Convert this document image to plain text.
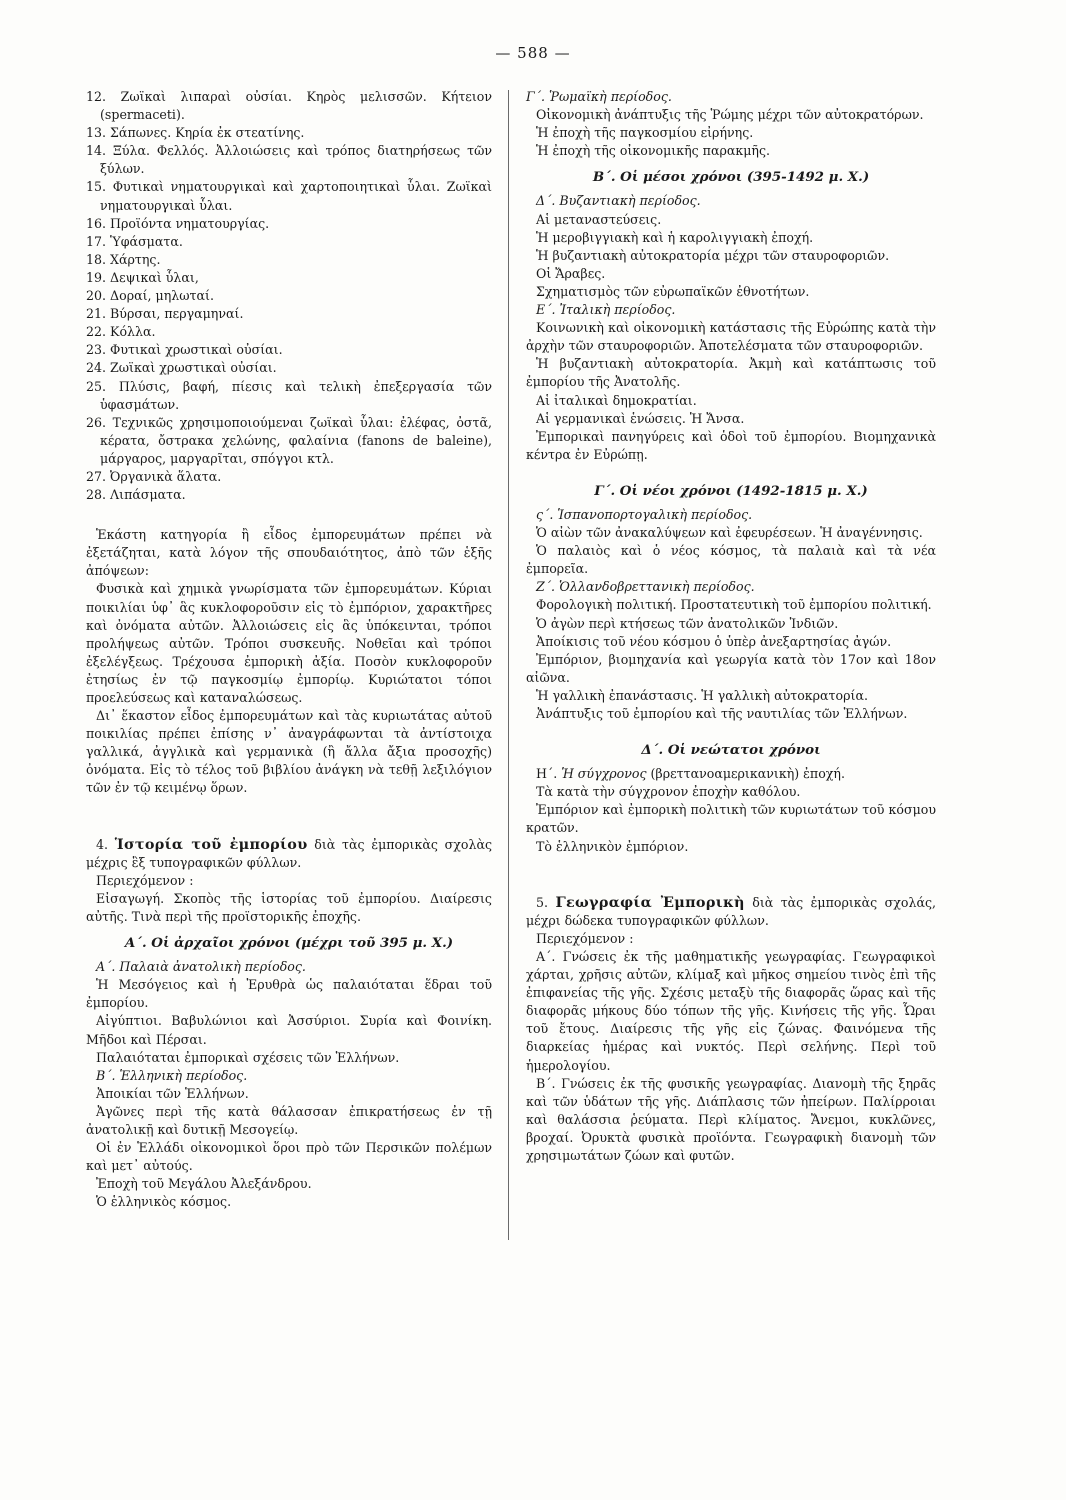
— 588 —

12. Ζωϊκαὶ λιπαραὶ οὐσίαι. Κηρὸς μελισσῶν. Κήτειον (spermaceti).

13. Σάπωνες. Κηρία ἐκ στεατίνης.

14. Ξύλα. Φελλός. Ἀλλοιώσεις καὶ τρόπος διατηρήσεως τῶν ξύλων.

15. Φυτικαὶ νηματουργικαὶ καὶ χαρτοποιητικαὶ ὗλαι. Ζωϊκαὶ νηματουργικαὶ ὗλαι.

16. Προϊόντα νηματουργίας.

17. Ὑφάσματα.

18. Χάρτης.

19. Δεψικαὶ ὗλαι,

20. Δοραί, μηλωταί.

21. Βύρσαι, περγαμηναί.

22. Κόλλα.

23. Φυτικαὶ χρωστικαὶ οὐσίαι.

24. Ζωϊκαὶ χρωστικαὶ οὐσίαι.

25. Πλύσις, βαφή, πίεσις καὶ τελικὴ ἐπεξεργασία τῶν ὑφασμάτων.

26. Τεχνικῶς χρησιμοποιούμεναι ζωϊκαὶ ὗλαι: ἐλέφας, ὀστᾶ, κέρατα, ὄστρακα χελώνης, φαλαίνια (fanons de baleine), μάργαρος, μαργαρῖται, σπόγγοι κτλ.

27. Ὀργανικὰ ἅλατα.

28. Λιπάσματα.

Ἑκάστη κατηγορία ἢ εἶδος ἐμπορευμάτων πρέπει νὰ ἐξετάζηται, κατὰ λόγον τῆς σπουδαιότητος, ἀπὸ τῶν ἑξῆς ἀπόψεων:

Φυσικὰ καὶ χημικὰ γνωρίσματα τῶν ἐμπορευμάτων. Κύριαι ποικιλίαι ὑφ᾽ ἃς κυκλοφοροῦσιν εἰς τὸ ἐμπόριον, χαρακτῆρες καὶ ὀνόματα αὐτῶν. Ἀλλοιώσεις εἰς ἃς ὑπόκεινται, τρόποι προλήψεως αὐτῶν. Τρόποι συσκευῆς. Νοθεῖαι καὶ τρόποι ἐξελέγξεως. Τρέχουσα ἐμπορικὴ ἀξία. Ποσὸν κυκλοφοροῦν ἐτησίως ἐν τῷ παγκοσμίῳ ἐμπορίῳ. Κυριώτατοι τόποι προελεύσεως καὶ καταναλώσεως.

Δι᾽ ἕκαστον εἶδος ἐμπορευμάτων καὶ τὰς κυριωτάτας αὐτοῦ ποικιλίας πρέπει ἐπίσης ν᾽ ἀναγράφωνται τὰ ἀντίστοιχα γαλλικά, ἀγγλικὰ καὶ γερμανικὰ (ἢ ἄλλα ἄξια προσοχῆς) ὀνόματα. Εἰς τὸ τέλος τοῦ βιβλίου ἀνάγκη νὰ τεθῇ λεξιλόγιον τῶν ἐν τῷ κειμένῳ ὅρων.

4. Ἱστορία τοῦ ἐμπορίου διὰ τὰς ἐμπορικὰς σχολὰς μέχρις ἓξ τυπογραφικῶν φύλλων.

Περιεχόμενον :

Εἰσαγωγή. Σκοπὸς τῆς ἱστορίας τοῦ ἐμπορίου. Διαίρεσις αὐτῆς. Τινὰ περὶ τῆς προϊστορικῆς ἐποχῆς.

Α΄. Οἱ ἀρχαῖοι χρόνοι (μέχρι τοῦ 395 μ. Χ.)

Α΄. Παλαιὰ ἀνατολικὴ περίοδος.

Ἡ Μεσόγειος καὶ ἡ Ἐρυθρὰ ὡς παλαιόταται ἕδραι τοῦ ἐμπορίου.

Αἰγύπτιοι. Βαβυλώνιοι καὶ Ἀσσύριοι. Συρία καὶ Φοινίκη. Μῆδοι καὶ Πέρσαι.

Παλαιόταται ἐμπορικαὶ σχέσεις τῶν Ἑλλήνων.

Β΄. Ἑλληνικὴ περίοδος.

Ἀποικίαι τῶν Ἑλλήνων.

Ἀγῶνες περὶ τῆς κατὰ θάλασσαν ἐπικρατήσεως ἐν τῇ ἀνατολικῇ καὶ δυτικῇ Μεσογείῳ.

Οἱ ἐν Ἑλλάδι οἰκονομικοὶ ὅροι πρὸ τῶν Περσικῶν πολέμων καὶ μετ᾽ αὐτούς.

Ἐποχὴ τοῦ Μεγάλου Ἀλεξάνδρου.

Ὁ ἑλληνικὸς κόσμος.

Γ΄. Ῥωμαϊκὴ περίοδος.

Οἰκονομικὴ ἀνάπτυξις τῆς Ῥώμης μέχρι τῶν αὐτοκρατόρων.

Ἡ ἐποχὴ τῆς παγκοσμίου εἰρήνης.

Ἡ ἐποχὴ τῆς οἰκονομικῆς παρακμῆς.

Β΄. Οἱ μέσοι χρόνοι (395-1492 μ. Χ.)

Δ΄. Βυζαντιακὴ περίοδος.

Αἱ μεταναστεύσεις.

Ἡ μεροβιγγιακὴ καὶ ἡ καρολιγγιακὴ ἐποχή.

Ἡ βυζαντιακὴ αὐτοκρατορία μέχρι τῶν σταυροφοριῶν.

Οἱ Ἄραβες.

Σχηματισμὸς τῶν εὐρωπαϊκῶν ἐθνοτήτων.

Ε΄. Ἰταλικὴ περίοδος.

Κοινωνικὴ καὶ οἰκονομικὴ κατάστασις τῆς Εὐρώπης κατὰ τὴν ἀρχὴν τῶν σταυροφοριῶν. Ἀποτελέσματα τῶν σταυροφοριῶν.

Ἡ βυζαντιακὴ αὐτοκρατορία. Ἀκμὴ καὶ κατάπτωσις τοῦ ἐμπορίου τῆς Ἀνατολῆς.

Αἱ ἰταλικαὶ δημοκρατίαι.

Αἱ γερμανικαὶ ἑνώσεις. Ἡ Ἄνσα.

Ἐμπορικαὶ πανηγύρεις καὶ ὁδοὶ τοῦ ἐμπορίου. Βιομηχανικὰ κέντρα ἐν Εὐρώπῃ.

Γ΄. Οἱ νέοι χρόνοι (1492-1815 μ. Χ.)

ς΄. Ἱσπανοπορτογαλικὴ περίοδος.

Ὁ αἰὼν τῶν ἀνακαλύψεων καὶ ἐφευρέσεων. Ἡ ἀναγέννησις.

Ὁ παλαιὸς καὶ ὁ νέος κόσμος, τὰ παλαιὰ καὶ τὰ νέα ἐμπορεῖα.

Ζ΄. Ὁλλανδοβρεττανικὴ περίοδος.

Φορολογικὴ πολιτική. Προστατευτικὴ τοῦ ἐμπορίου πολιτική.

Ὁ ἀγὼν περὶ κτήσεως τῶν ἀνατολικῶν Ἰνδιῶν.

Ἀποίκισις τοῦ νέου κόσμου ὁ ὑπὲρ ἀνεξαρτησίας ἀγών.

Ἐμπόριον, βιομηχανία καὶ γεωργία κατὰ τὸν 17ον καὶ 18ον αἰῶνα.

Ἡ γαλλικὴ ἐπανάστασις. Ἡ γαλλικὴ αὐτοκρατορία.

Ἀνάπτυξις τοῦ ἐμπορίου καὶ τῆς ναυτιλίας τῶν Ἑλλήνων.

Δ΄. Οἱ νεώτατοι χρόνοι

Η΄. Ἡ σύγχρονος (βρεττανοαμερικανικὴ) ἐποχή.

Τὰ κατὰ τὴν σύγχρονον ἐποχὴν καθόλου.

Ἐμπόριον καὶ ἐμπορικὴ πολιτικὴ τῶν κυριωτάτων τοῦ κόσμου κρατῶν.

Τὸ ἑλληνικὸν ἐμπόριον.

5. Γεωγραφία Ἐμπορικὴ διὰ τὰς ἐμπορικὰς σχολάς, μέχρι δώδεκα τυπογραφικῶν φύλλων.

Περιεχόμενον :

Α΄. Γνώσεις ἐκ τῆς μαθηματικῆς γεωγραφίας. Γεωγραφικοὶ χάρται, χρῆσις αὐτῶν, κλίμαξ καὶ μῆκος σημείου τινὸς ἐπὶ τῆς ἐπιφανείας τῆς γῆς. Σχέσις μεταξὺ τῆς διαφορᾶς ὥρας καὶ τῆς διαφορᾶς μήκους δύο τόπων τῆς γῆς. Κινήσεις τῆς γῆς. Ὧραι τοῦ ἔτους. Διαίρεσις τῆς γῆς εἰς ζώνας. Φαινόμενα τῆς διαρκείας ἡμέρας καὶ νυκτός. Περὶ σελήνης. Περὶ τοῦ ἡμερολογίου.

Β΄. Γνώσεις ἐκ τῆς φυσικῆς γεωγραφίας. Διανομὴ τῆς ξηρᾶς καὶ τῶν ὑδάτων τῆς γῆς. Διάπλασις τῶν ἠπείρων. Παλίρροιαι καὶ θαλάσσια ῥεύματα. Περὶ κλίματος. Ἄνεμοι, κυκλῶνες, βροχαί. Ὀρυκτὰ φυσικὰ προϊόντα. Γεωγραφικὴ διανομὴ τῶν χρησιμωτάτων ζώων καὶ φυτῶν.
